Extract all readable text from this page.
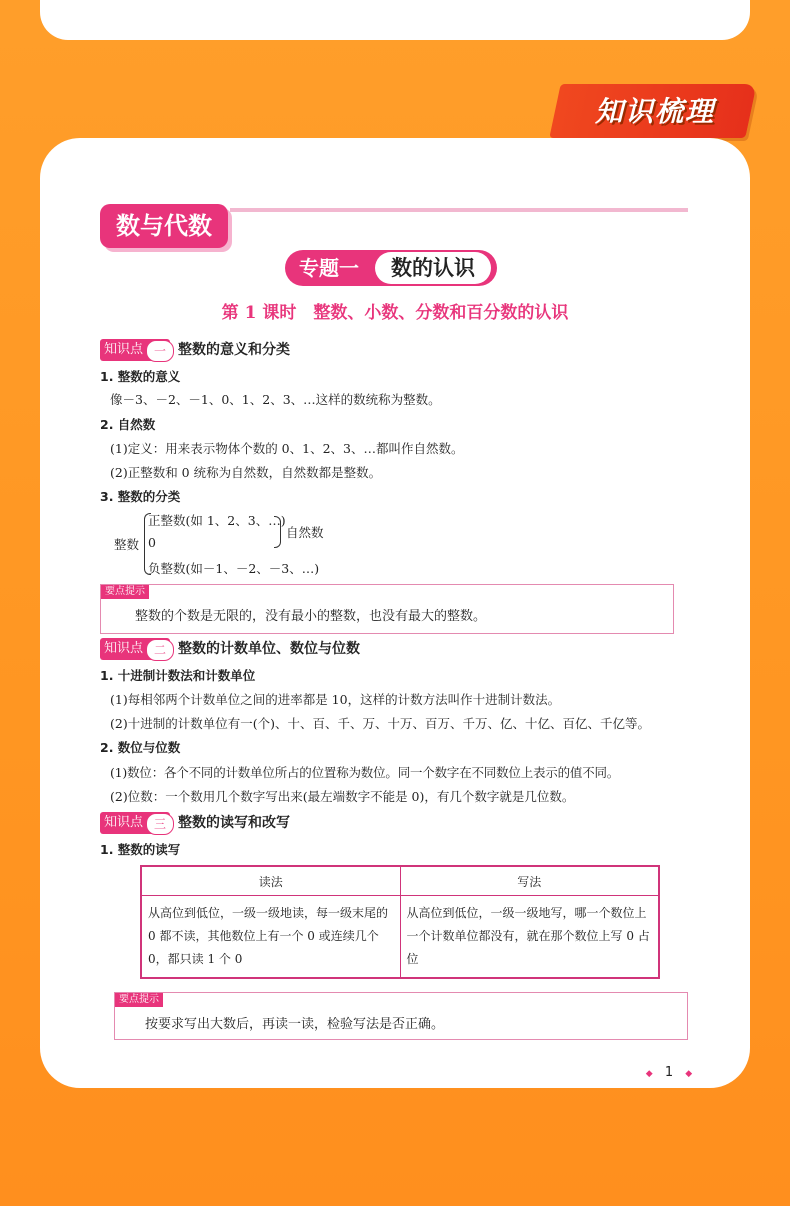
知识梳理
数与代数
专题一	数的认识
第 1 课时　整数、小数、分数和百分数的认识
知识点 一 整数的意义和分类
1. 整数的意义
像－3、－2、－1、0、1、2、3、…这样的数统称为整数。
2. 自然数
(1)定义：用来表示物体个数的 0、1、2、3、…都叫作自然数。
(2)正整数和 0 统称为自然数，自然数都是整数。
3. 整数的分类
整数
正整数(如 1、2、3、…)
0
负整数(如－1、－2、－3、…)
自然数
要点提示
整数的个数是无限的，没有最小的整数，也没有最大的整数。
知识点 二 整数的计数单位、数位与位数
1. 十进制计数法和计数单位
(1)每相邻两个计数单位之间的进率都是 10，这样的计数方法叫作十进制计数法。
(2)十进制的计数单位有一(个)、十、百、千、万、十万、百万、千万、亿、十亿、百亿、千亿等。
2. 数位与位数
(1)数位：各个不同的计数单位所占的位置称为数位。同一个数字在不同数位上表示的值不同。
(2)位数：一个数用几个数字写出来(最左端数字不能是 0)，有几个数字就是几位数。
知识点 三 整数的读写和改写
1. 整数的读写
读法	写法
从高位到低位，一级一级地读，每一级末尾的 0 都不读，其他数位上有一个 0 或连续几个 0，都只读 1 个 0	从高位到低位，一级一级地写，哪一个数位上一个计数单位都没有，就在那个数位上写 0 占位
要点提示
按要求写出大数后，再读一读，检验写法是否正确。
◆ 1 ◆
